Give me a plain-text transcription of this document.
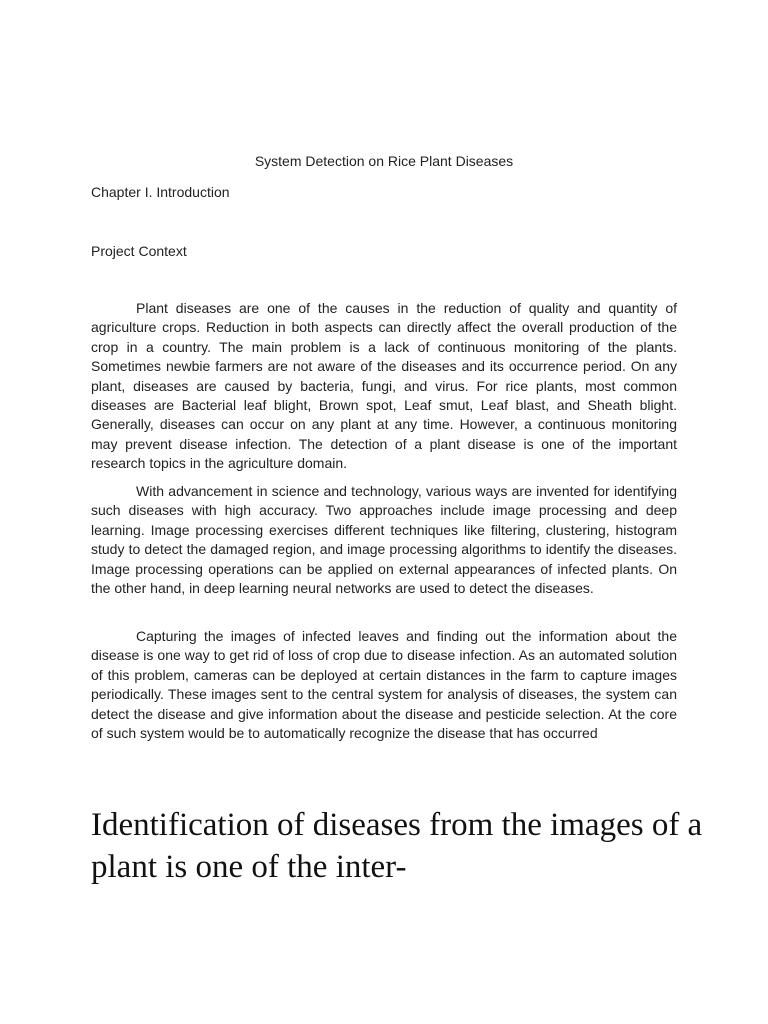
System Detection on Rice Plant Diseases
Chapter I. Introduction
Project Context

Plant diseases are one of the causes in the reduction of quality and quantity of agriculture crops. Reduction in both aspects can directly affect the overall production of the crop in a country. The main problem is a lack of continuous monitoring of the plants. Sometimes newbie farmers are not aware of the diseases and its occurrence period. On any plant, diseases are caused by bacteria, fungi, and virus. For rice plants, most common diseases are Bacterial leaf blight, Brown spot, Leaf smut, Leaf blast, and Sheath blight. Generally, diseases can occur on any plant at any time. However, a continuous monitoring may prevent disease infection. The detection of a plant disease is one of the important research topics in the agriculture domain.

With advancement in science and technology, various ways are invented for identifying such diseases with high accuracy. Two approaches include image processing and deep learning. Image processing exercises different techniques like filtering, clustering, histogram study to detect the damaged region, and image processing algorithms to identify the diseases. Image processing operations can be applied on external appearances of infected plants. On the other hand, in deep learning neural networks are used to detect the diseases.

Capturing the images of infected leaves and finding out the information about the disease is one way to get rid of loss of crop due to disease infection. As an automated solution of this problem, cameras can be deployed at certain distances in the farm to capture images periodically. These images sent to the central system for analysis of diseases, the system can detect the disease and give information about the disease and pesticide selection. At the core of such system would be to automatically recognize the disease that has occurred

Identification of diseases from the images of a plant is one of the inter-
